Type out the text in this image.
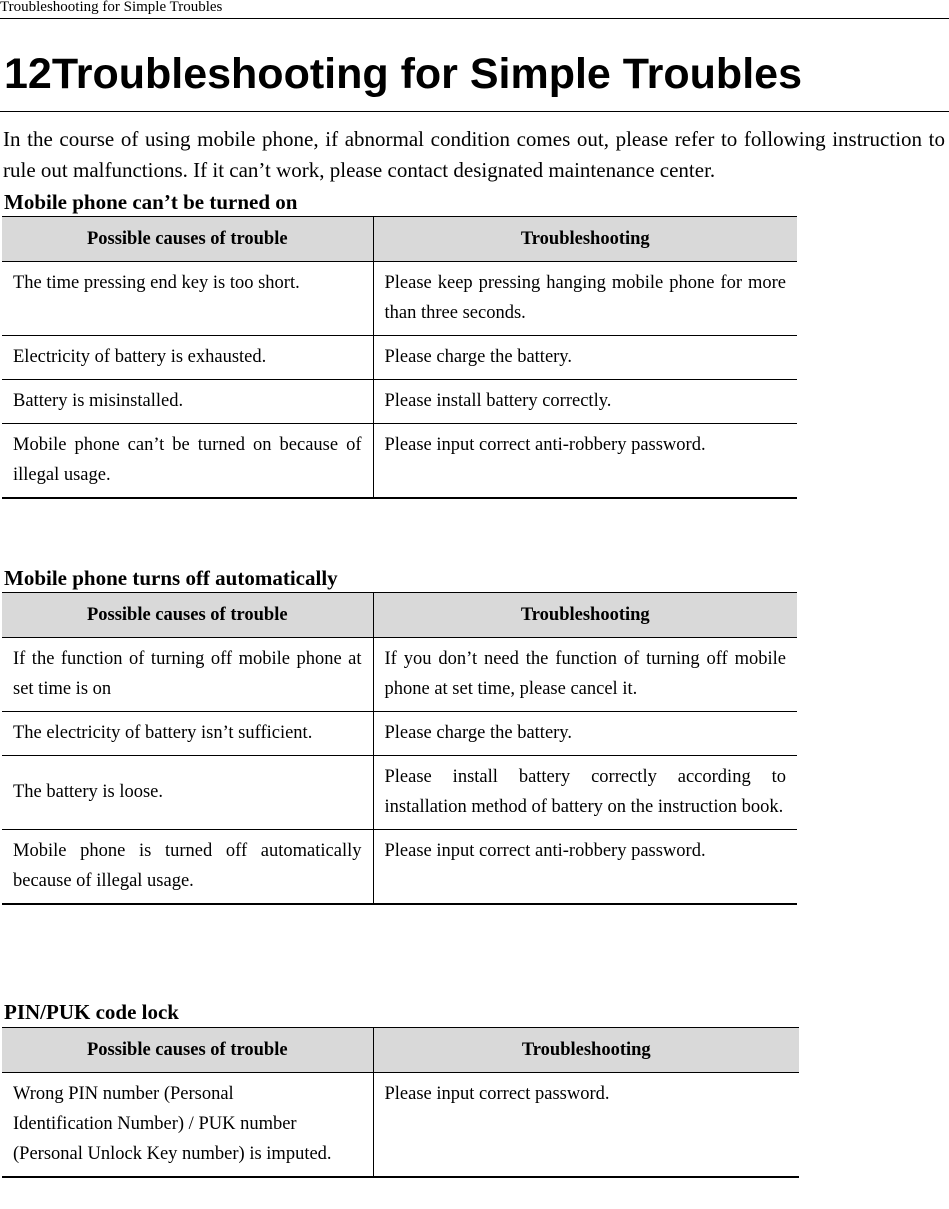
Troubleshooting for Simple Troubles
12Troubleshooting for Simple Troubles

In the course of using mobile phone, if abnormal condition comes out, please refer to following instruction to rule out malfunctions. If it can’t work, please contact designated maintenance center.

Mobile phone can’t be turned on
Possible causes of trouble	Troubleshooting
The time pressing end key is too short.	Please keep pressing hanging mobile phone for more than three seconds.
Electricity of battery is exhausted.	Please charge the battery.
Battery is misinstalled.	Please install battery correctly.
Mobile phone can’t be turned on because of illegal usage.	Please input correct anti-robbery password.
Mobile phone turns off automatically
Possible causes of trouble	Troubleshooting
If the function of turning off mobile phone at set time is on	If you don’t need the function of turning off mobile phone at set time, please cancel it.
The electricity of battery isn’t sufficient.	Please charge the battery.
The battery is loose.	Please install battery correctly according to installation method of battery on the instruction book.
Mobile phone is turned off automatically because of illegal usage.	Please input correct anti-robbery password.
PIN/PUK code lock
Possible causes of trouble	Troubleshooting
Wrong PIN number (Personal Identification Number) / PUK number (Personal Unlock Key number) is imputed.	Please input correct password.
